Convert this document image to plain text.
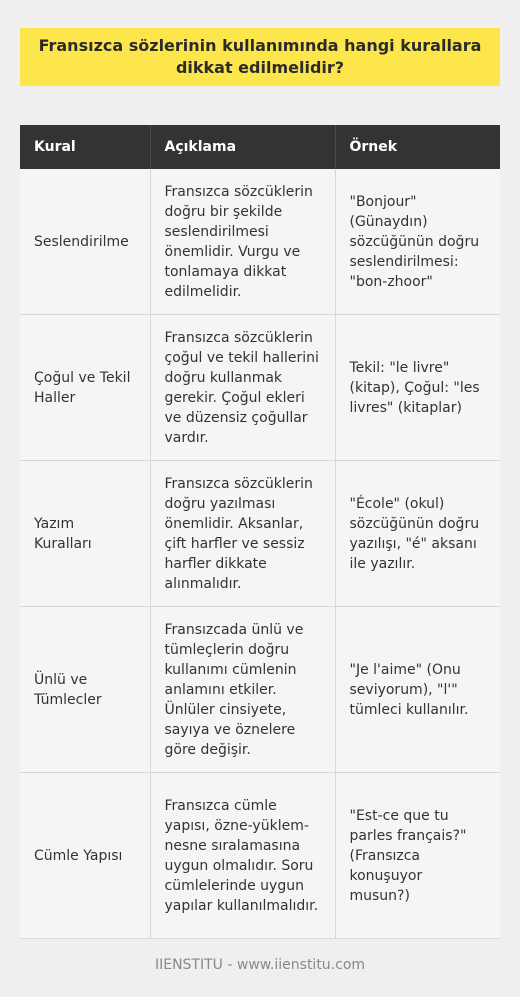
Fransızca sözlerinin kullanımında hangi kurallara dikkat edilmelidir?
Kural	Açıklama	Örnek
Seslendirilme	Fransızca sözcüklerin doğru bir şekilde seslendirilmesi önemlidir. Vurgu ve tonlamaya dikkat edilmelidir.	"Bonjour" (Günaydın) sözcüğünün doğru seslendirilmesi: "bon-zhoor"
Çoğul ve Tekil Haller	Fransızca sözcüklerin çoğul ve tekil hallerini doğru kullanmak gerekir. Çoğul ekleri ve düzensiz çoğullar vardır.	Tekil: "le livre" (kitap), Çoğul: "les livres" (kitaplar)
Yazım Kuralları	Fransızca sözcüklerin doğru yazılması önemlidir. Aksanlar, çift harfler ve sessiz harfler dikkate alınmalıdır.	"École" (okul) sözcüğünün doğru yazılışı, "é" aksanı ile yazılır.
Ünlü ve Tümlecler	Fransızcada ünlü ve tümleçlerin doğru kullanımı cümlenin anlamını etkiler. Ünlüler cinsiyete, sayıya ve öznelere göre değişir.	"Je l'aime" (Onu seviyorum), "l'" tümleci kullanılır.
Cümle Yapısı	Fransızca cümle yapısı, özne-yüklem-nesne sıralamasına uygun olmalıdır. Soru cümlelerinde uygun yapılar kullanılmalıdır.	"Est-ce que tu parles français?" (Fransızca konuşuyor musun?)
IIENSTITU - www.iienstitu.com
